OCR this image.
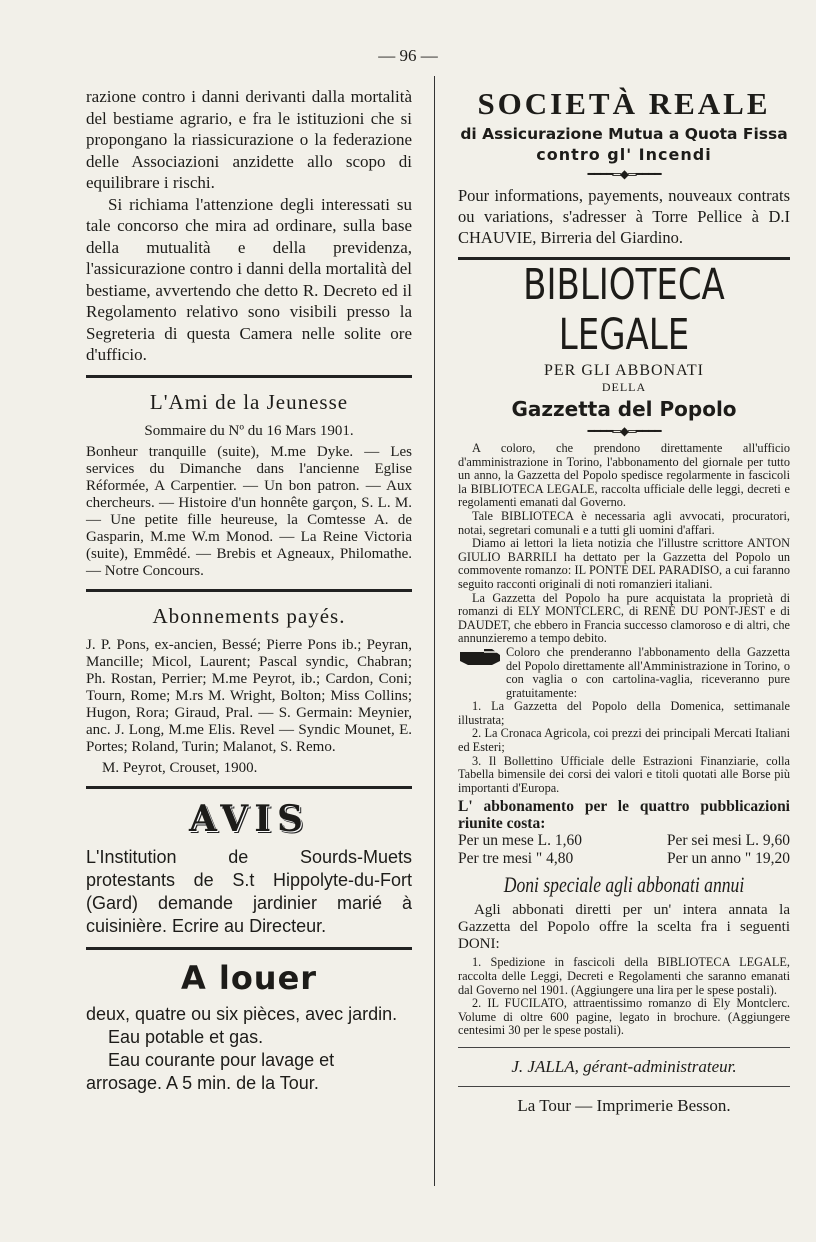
— 96 —

razione contro i danni derivanti dalla mortalità del bestiame agrario, e fra le istituzioni che si propongano la riassicurazione o la federazione delle Associazioni anzidette allo scopo di equilibrare i rischi.

Si richiama l'attenzione degli interessati su tale concorso che mira ad ordinare, sulla base della mutualità e della previdenza, l'assicurazione contro i danni della mortalità del bestiame, avvertendo che detto R. Decreto ed il Regolamento relativo sono visibili presso la Segreteria di questa Camera nelle solite ore d'ufficio.

L'Ami de la Jeunesse
Sommaire du Nº du 16 Mars 1901.

Bonheur tranquille (suite), M.me Dyke. — Les services du Dimanche dans l'ancienne Eglise Réformée, A Carpentier. — Un bon patron. — Aux chercheurs. — Histoire d'un honnête garçon, S. L. M. — Une petite fille heureuse, la Comtesse A. de Gasparin, M.me W.m Monod. — La Reine Victoria (suite), Emmêdé. — Brebis et Agneaux, Philomathe. — Notre Concours.

Abonnements payés.

J. P. Pons, ex-ancien, Bessé; Pierre Pons ib.; Peyran, Mancille; Micol, Laurent; Pascal syndic, Chabran; Ph. Rostan, Perrier; M.me Peyrot, ib.; Cardon, Coni; Tourn, Rome; M.rs M. Wright, Bolton; Miss Collins; Hugon, Rora; Giraud, Pral. — S. Germain: Meynier, anc. J. Long, M.me Elis. Revel — Syndic Mounet, E. Portes; Roland, Turin; Malanot, S. Remo.

M. Peyrot, Crouset, 1900.

AVIS

L'Institution de Sourds-Muets protestants de S.t Hippolyte-du-Fort (Gard) demande jardinier marié à cuisinière. Ecrire au Directeur.

A louer

deux, quatre ou six pièces, avec jardin.

Eau potable et gas.

Eau courante pour lavage et arrosage. A 5 min. de la Tour.

SOCIETÀ REALE
di Assicurazione Mutua a Quota Fissa
contro gl' Incendi
━━━━═◆═━━━━

Pour informations, payements, nouveaux contrats ou variations, s'adresser à Torre Pellice à D.I CHAUVIE, Birreria del Giardino.

BIBLIOTECA LEGALE
PER GLI ABBONATI
DELLA
Gazzetta del Popolo
━━━━═◆═━━━━

A coloro, che prendono direttamente all'ufficio d'amministrazione in Torino, l'abbonamento del giornale per tutto un anno, la Gazzetta del Popolo spedisce regolarmente in fascicoli la BIBLIOTECA LEGALE, raccolta ufficiale delle leggi, decreti e regolamenti emanati dal Governo.

Tale BIBLIOTECA è necessaria agli avvocati, procuratori, notai, segretari comunali e a tutti gli uomini d'affari.

Diamo ai lettori la lieta notizia che l'illustre scrittore ANTON GIULIO BARRILI ha dettato per la Gazzetta del Popolo un commovente romanzo: IL PONTE DEL PARADISO, a cui faranno seguito racconti originali di noti romanzieri italiani.

La Gazzetta del Popolo ha pure acquistata la proprietà di romanzi di ELY MONTCLERC, di RENÉ DU PONT-JEST e di DAUDET, che ebbero in Francia successo clamoroso e di altri, che annunzieremo a tempo debito.

Coloro che prenderanno l'abbonamento della Gazzetta del Popolo direttamente all'Amministrazione in Torino, o con vaglia o con cartolina-vaglia, riceveranno pure gratuitamente:

1. La Gazzetta del Popolo della Domenica, settimanale illustrata;

2. La Cronaca Agricola, coi prezzi dei principali Mercati Italiani ed Esteri;

3. Il Bollettino Ufficiale delle Estrazioni Finanziarie, colla Tabella bimensile dei corsi dei valori e titoli quotati alle Borse più importanti d'Europa.

L' abbonamento per le quattro pubblicazioni riunite costa:

Per un mese L. 1,60	Per sei mesi L. 9,60
Per tre mesi " 4,80	Per un anno " 19,20
Doni speciale agli abbonati annui

Agli abbonati diretti per un' intera annata la Gazzetta del Popolo offre la scelta fra i seguenti DONI:

1. Spedizione in fascicoli della BIBLIOTECA LEGALE, raccolta delle Leggi, Decreti e Regolamenti che saranno emanati dal Governo nel 1901. (Aggiungere una lira per le spese postali).

2. IL FUCILATO, attraentissimo romanzo di Ely Montclerc. Volume di oltre 600 pagine, legato in brochure. (Aggiungere centesimi 30 per le spese postali).

J. JALLA, gérant-administrateur.
La Tour — Imprimerie Besson.
